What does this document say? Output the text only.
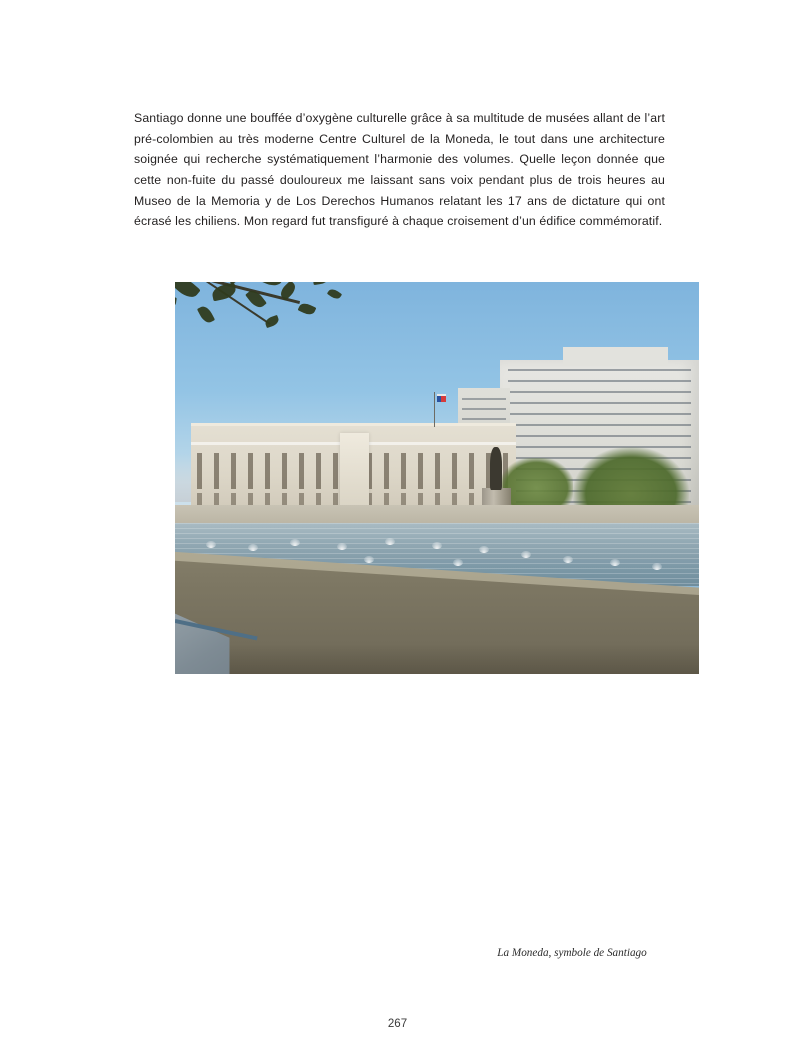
Santiago donne une bouffée d’oxygène culturelle grâce à sa multitude de musées allant de l’art pré-colombien au très moderne Centre Culturel de la Moneda, le tout dans une architecture soignée qui recherche systématiquement l’harmonie des volumes. Quelle leçon donnée que cette non-fuite du passé douloureux me laissant sans voix pendant plus de trois heures au Museo de la Memoria y de Los Derechos Humanos relatant les 17 ans de dictature qui ont écrasé les chiliens. Mon regard fut transfiguré à chaque croisement d’un édifice commémoratif.

La Moneda, symbole de Santiago
267
